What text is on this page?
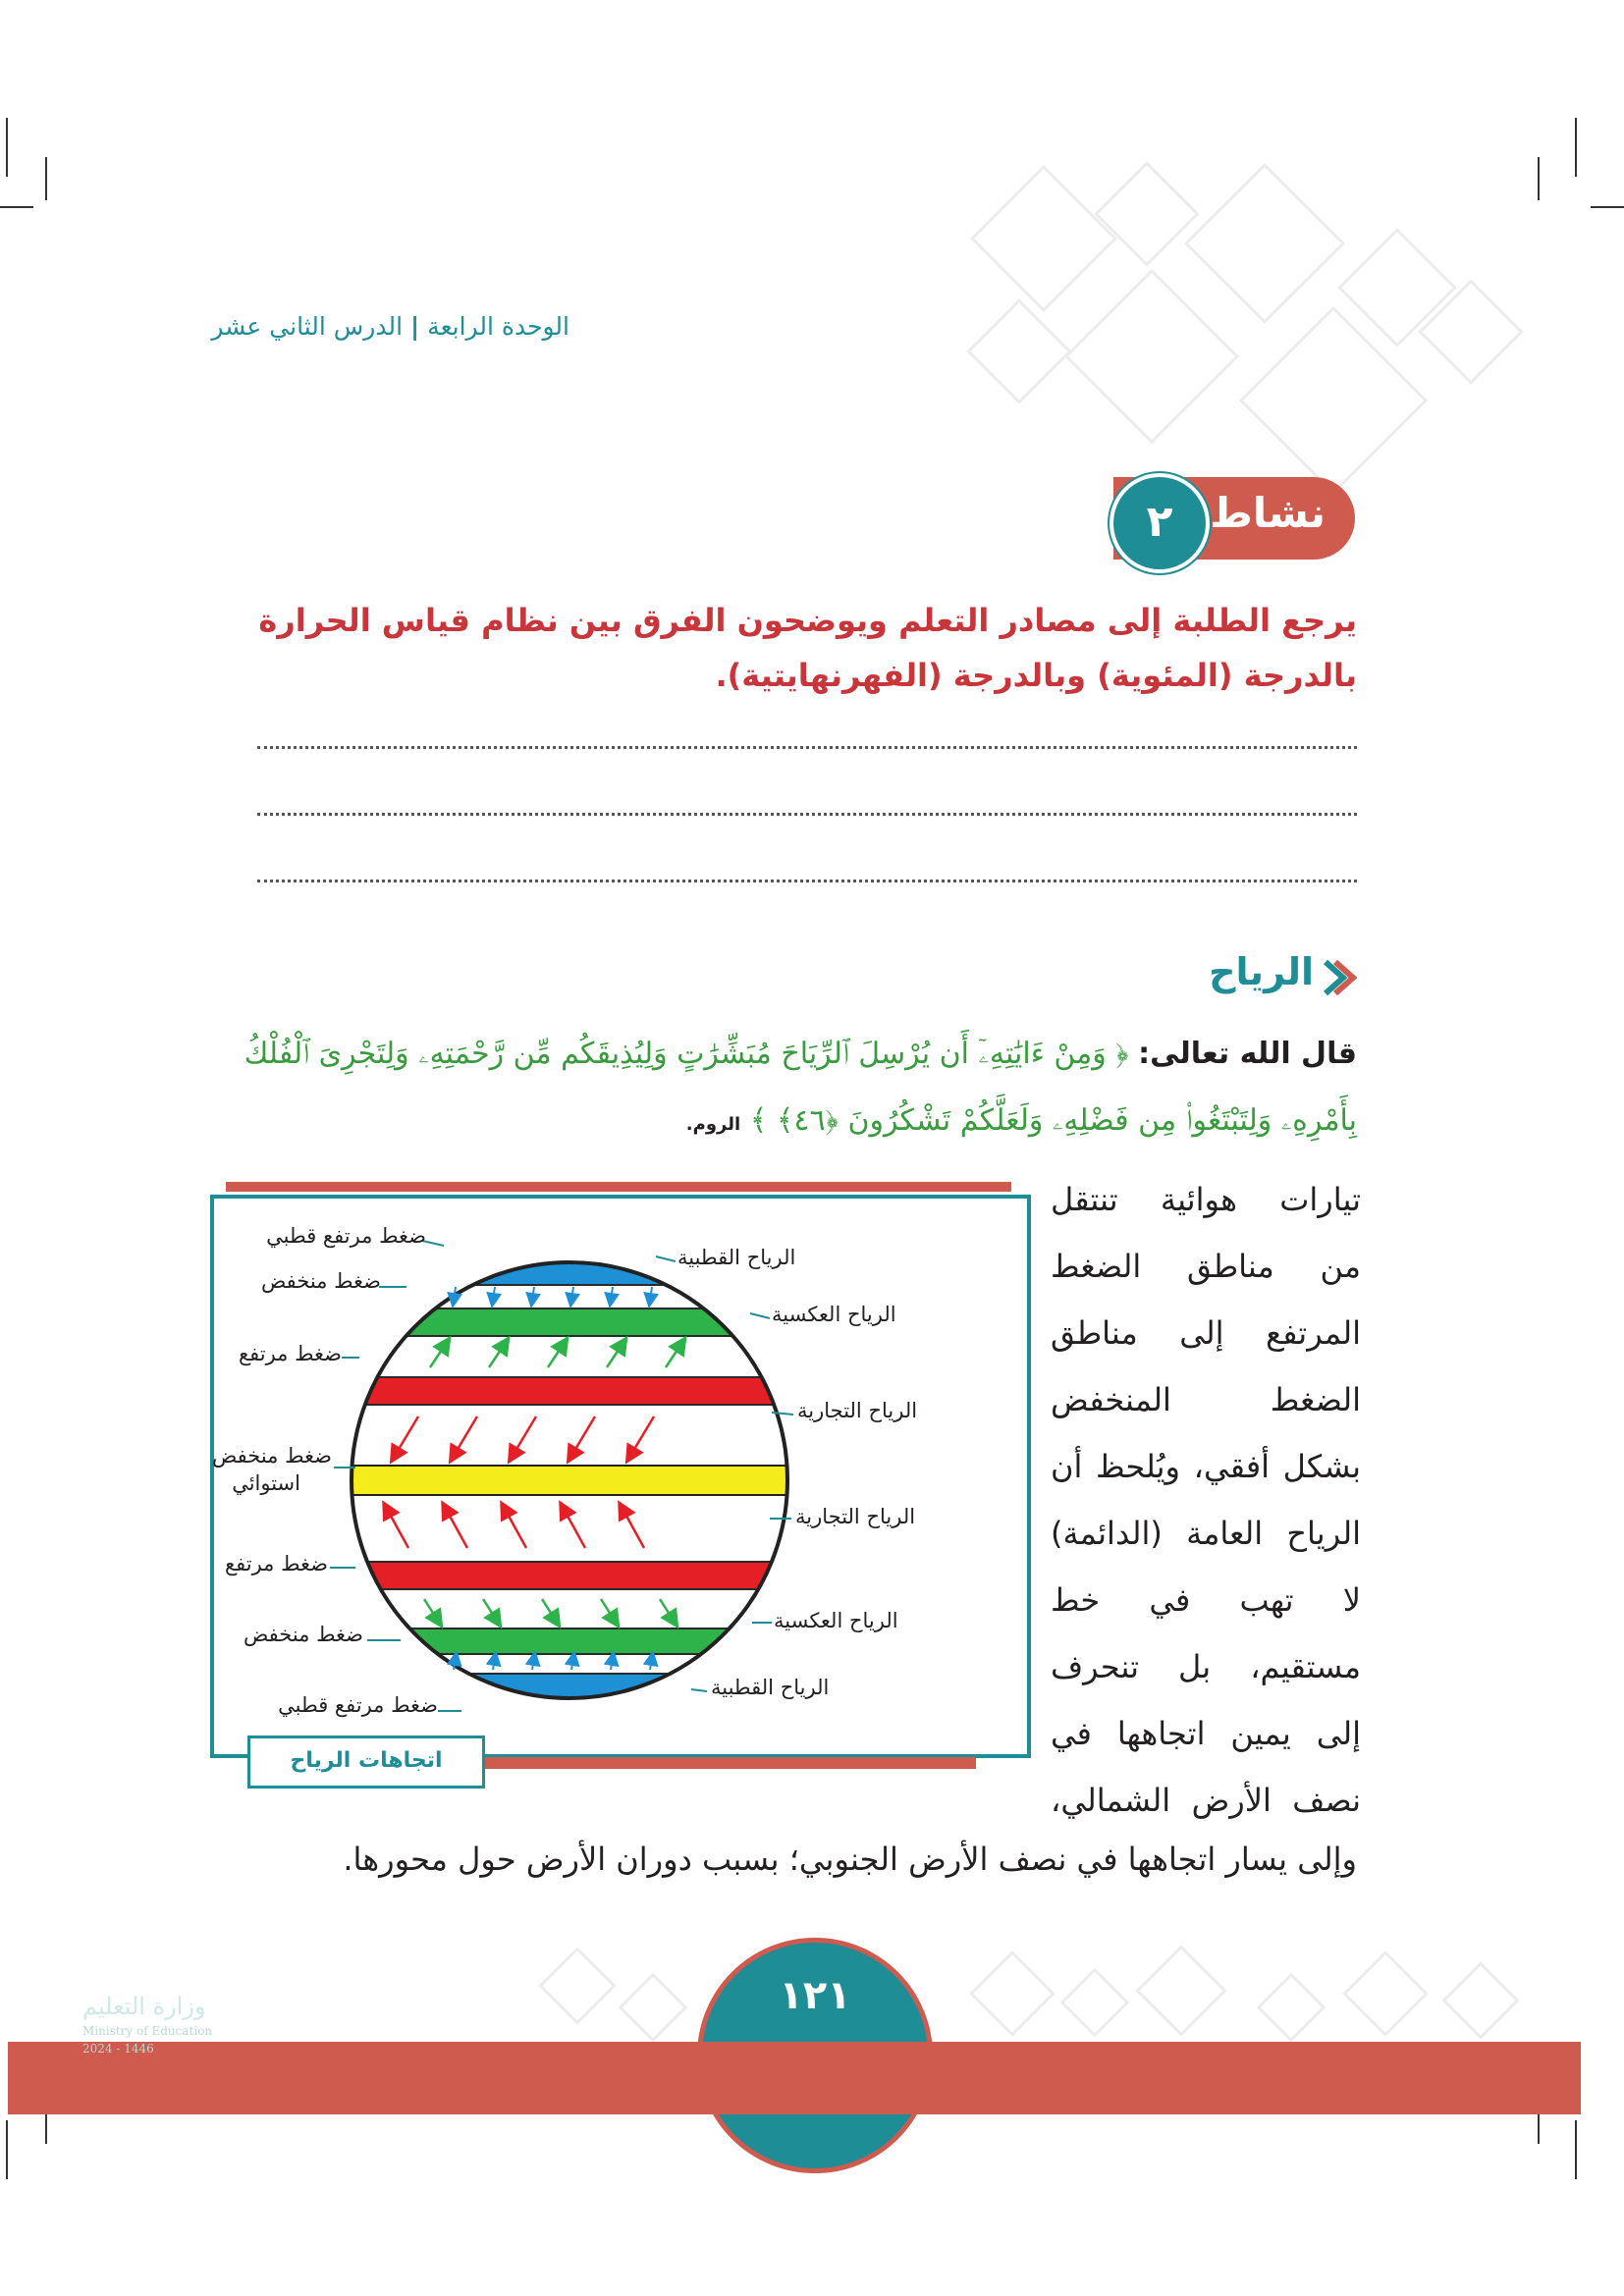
الوحدة الرابعة|الدرس الثاني عشر
نشاط
٢
يرجع الطلبة إلى مصادر التعلم ويوضحون الفرق بين نظام قياس الحرارة بالدرجة (المئوية) وبالدرجة (الفهرنهايتية).
الرياح
قال الله تعالى: ﴿ وَمِنْ ءَايَٰتِهِۦٓ أَن يُرْسِلَ ٱلرِّيَاحَ مُبَشِّرَٰتٍ وَلِيُذِيقَكُم مِّن رَّحْمَتِهِۦ وَلِتَجْرِىَ ٱلْفُلْكُ بِأَمْرِهِۦ وَلِتَبْتَغُوا۟ مِن فَضْلِهِۦ وَلَعَلَّكُمْ تَشْكُرُونَ ﴿٤٦﴾ ﴾ الروم.
تيارات هوائية تنتقل
من مناطق الضغط
المرتفع إلى مناطق
الضغط المنخفض
بشكل أفقي، ويُلحظ أن
الرياح العامة (الدائمة)
لا تهب في خط
مستقيم، بل تنحرف
إلى يمين اتجاهها في
نصف الأرض الشمالي،
وإلى يسار اتجاهها في نصف الأرض الجنوبي؛ بسبب دوران الأرض حول محورها.
ضغط مرتفع قطبي
ضغط منخفض
ضغط مرتفع
ضغط منخفض
استوائي
ضغط مرتفع
ضغط منخفض
ضغط مرتفع قطبي
الرياح القطبية
الرياح العكسية
الرياح التجارية
الرياح التجارية
الرياح العكسية
الرياح القطبية
اتجاهات الرياح
١٢١
وزارة التعليم
Ministry of Education
2024 - 1446
